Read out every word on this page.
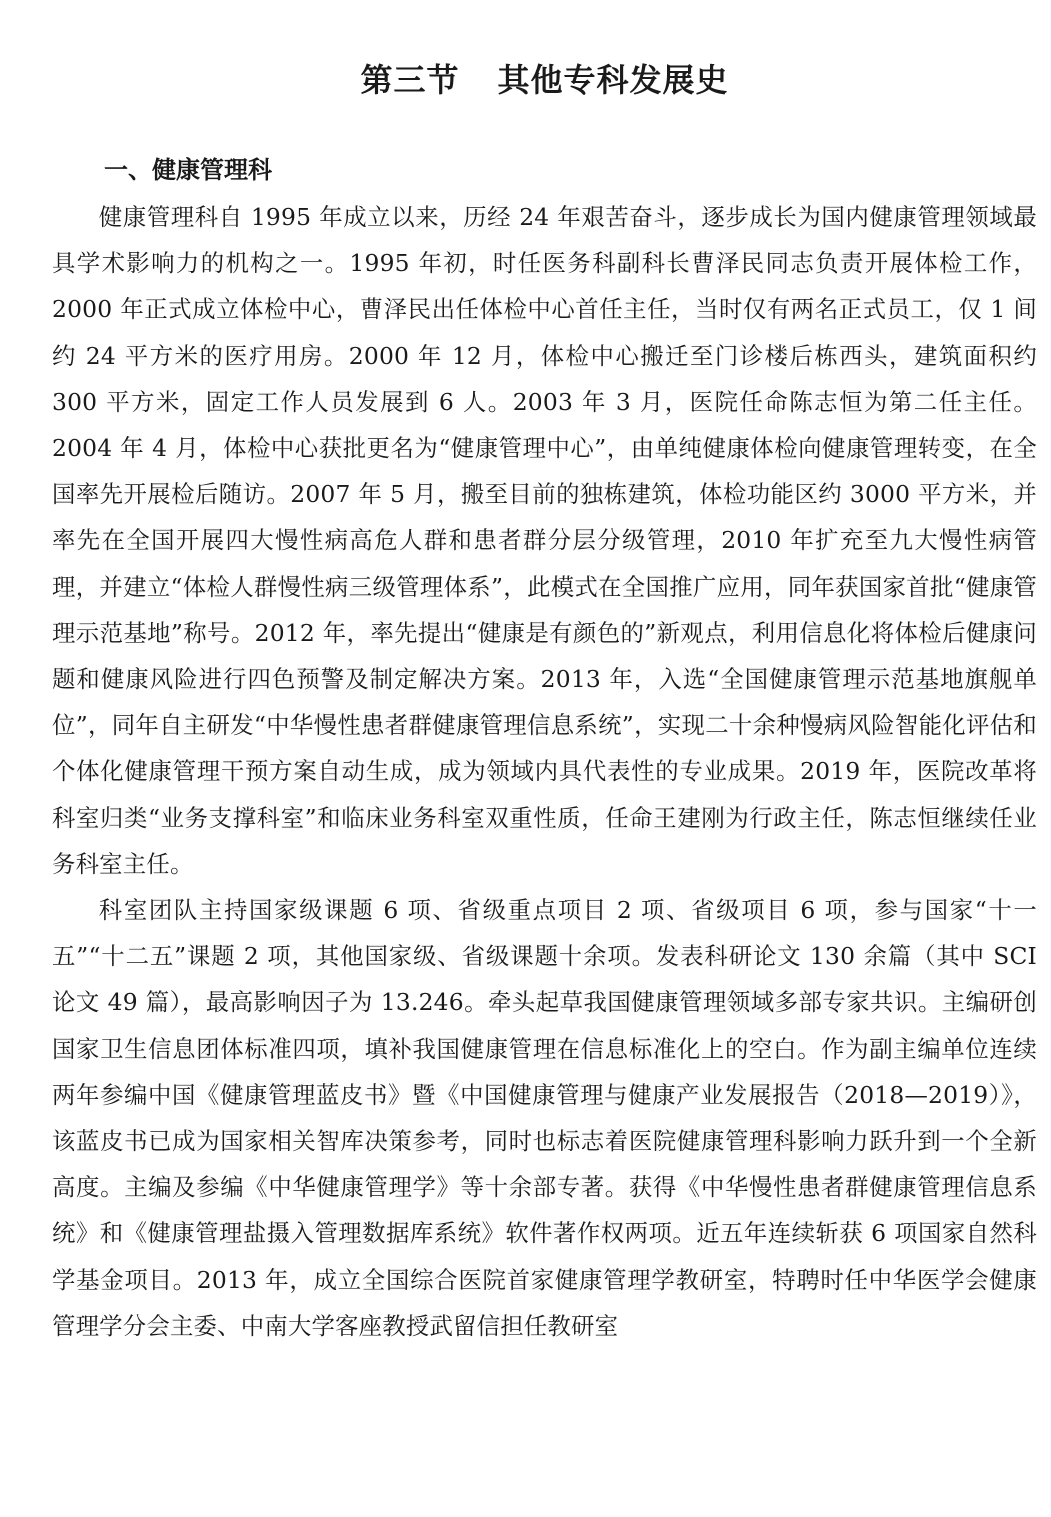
第三节 其他专科发展史
一、健康管理科

健康管理科自 1995 年成立以来，历经 24 年艰苦奋斗，逐步成长为国内健康管理领域最具学术影响力的机构之一。1995 年初，时任医务科副科长曹泽民同志负责开展体检工作，2000 年正式成立体检中心，曹泽民出任体检中心首任主任，当时仅有两名正式员工，仅 1 间约 24 平方米的医疗用房。2000 年 12 月，体检中心搬迁至门诊楼后栋西头，建筑面积约 300 平方米，固定工作人员发展到 6 人。2003 年 3 月，医院任命陈志恒为第二任主任。2004 年 4 月，体检中心获批更名为“健康管理中心”，由单纯健康体检向健康管理转变，在全国率先开展检后随访。2007 年 5 月，搬至目前的独栋建筑，体检功能区约 3000 平方米，并率先在全国开展四大慢性病高危人群和患者群分层分级管理，2010 年扩充至九大慢性病管理，并建立“体检人群慢性病三级管理体系”，此模式在全国推广应用，同年获国家首批“健康管理示范基地”称号。2012 年，率先提出“健康是有颜色的”新观点，利用信息化将体检后健康问题和健康风险进行四色预警及制定解决方案。2013 年，入选“全国健康管理示范基地旗舰单位”，同年自主研发“中华慢性患者群健康管理信息系统”，实现二十余种慢病风险智能化评估和个体化健康管理干预方案自动生成，成为领域内具代表性的专业成果。2019 年，医院改革将科室归类“业务支撑科室”和临床业务科室双重性质，任命王建刚为行政主任，陈志恒继续任业务科室主任。

科室团队主持国家级课题 6 项、省级重点项目 2 项、省级项目 6 项，参与国家“十一五”“十二五”课题 2 项，其他国家级、省级课题十余项。发表科研论文 130 余篇（其中 SCI 论文 49 篇），最高影响因子为 13.246。牵头起草我国健康管理领域多部专家共识。主编研创国家卫生信息团体标准四项，填补我国健康管理在信息标准化上的空白。作为副主编单位连续两年参编中国《健康管理蓝皮书》暨《中国健康管理与健康产业发展报告（2018—2019）》，该蓝皮书已成为国家相关智库决策参考，同时也标志着医院健康管理科影响力跃升到一个全新高度。主编及参编《中华健康管理学》等十余部专著。获得《中华慢性患者群健康管理信息系统》和《健康管理盐摄入管理数据库系统》软件著作权两项。近五年连续斩获 6 项国家自然科学基金项目。2013 年，成立全国综合医院首家健康管理学教研室，特聘时任中华医学会健康管理学分会主委、中南大学客座教授武留信担任教研室
